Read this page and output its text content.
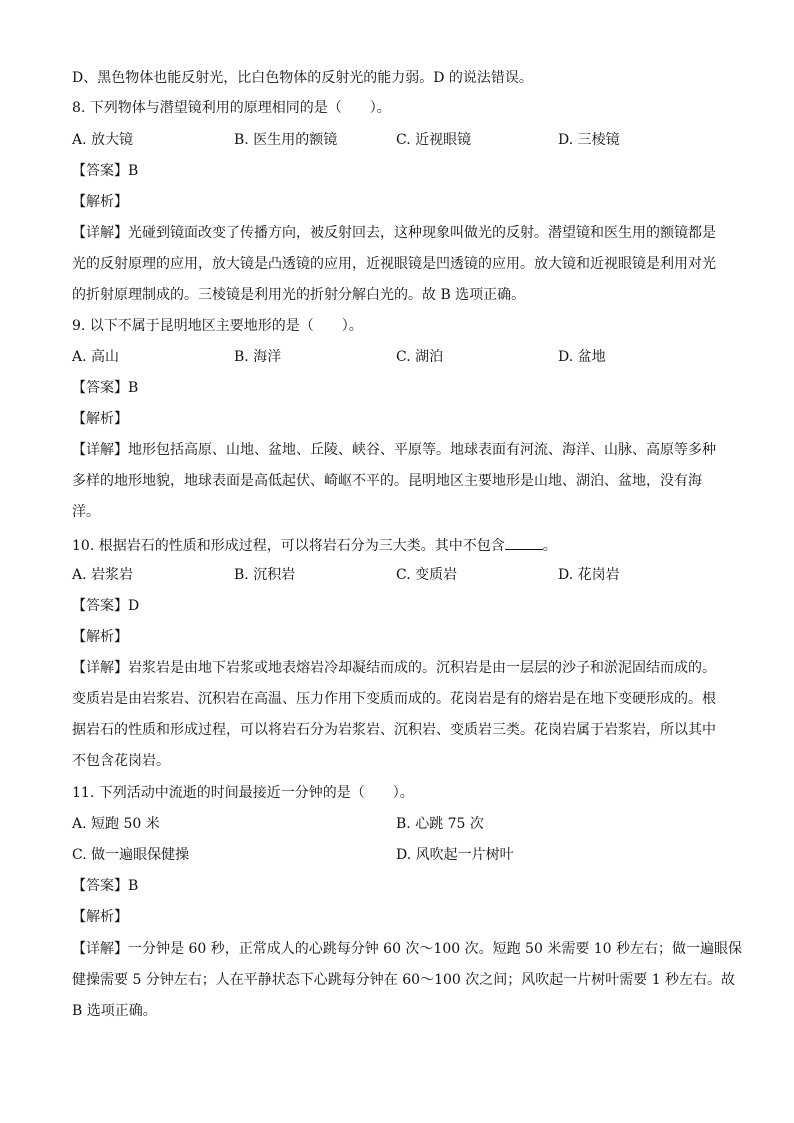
D、黑色物体也能反射光，比白色物体的反射光的能力弱。D 的说法错误。
8. 下列物体与潜望镜利用的原理相同的是（　　）。
A. 放大镜	B. 医生用的额镜	C. 近视眼镜	D. 三棱镜
【答案】B
【解析】
【详解】光碰到镜面改变了传播方向，被反射回去，这种现象叫做光的反射。潜望镜和医生用的额镜都是
光的反射原理的应用，放大镜是凸透镜的应用，近视眼镜是凹透镜的应用。放大镜和近视眼镜是利用对光
的折射原理制成的。三棱镜是利用光的折射分解白光的。故 B 选项正确。
9. 以下不属于昆明地区主要地形的是（　　）。
A. 高山	B. 海洋	C. 湖泊	D. 盆地
【答案】B
【解析】
【详解】地形包括高原、山地、盆地、丘陵、峡谷、平原等。地球表面有河流、海洋、山脉、高原等多种
多样的地形地貌，地球表面是高低起伏、崎岖不平的。昆明地区主要地形是山地、湖泊、盆地，没有海
洋。
10. 根据岩石的性质和形成过程，可以将岩石分为三大类。其中不包含	。
A. 岩浆岩	B. 沉积岩	C. 变质岩	D. 花岗岩
【答案】D
【解析】
【详解】岩浆岩是由地下岩浆或地表熔岩冷却凝结而成的。沉积岩是由一层层的沙子和淤泥固结而成的。
变质岩是由岩浆岩、沉积岩在高温、压力作用下变质而成的。花岗岩是有的熔岩是在地下变硬形成的。根
据岩石的性质和形成过程，可以将岩石分为岩浆岩、沉积岩、变质岩三类。花岗岩属于岩浆岩，所以其中
不包含花岗岩。
11. 下列活动中流逝的时间最接近一分钟的是（　　）。
A. 短跑 50 米	B. 心跳 75 次
C. 做一遍眼保健操	D. 风吹起一片树叶
【答案】B
【解析】
【详解】一分钟是 60 秒，正常成人的心跳每分钟 60 次～100 次。短跑 50 米需要 10 秒左右；做一遍眼保
健操需要 5 分钟左右；人在平静状态下心跳每分钟在 60～100 次之间；风吹起一片树叶需要 1 秒左右。故
B 选项正确。
